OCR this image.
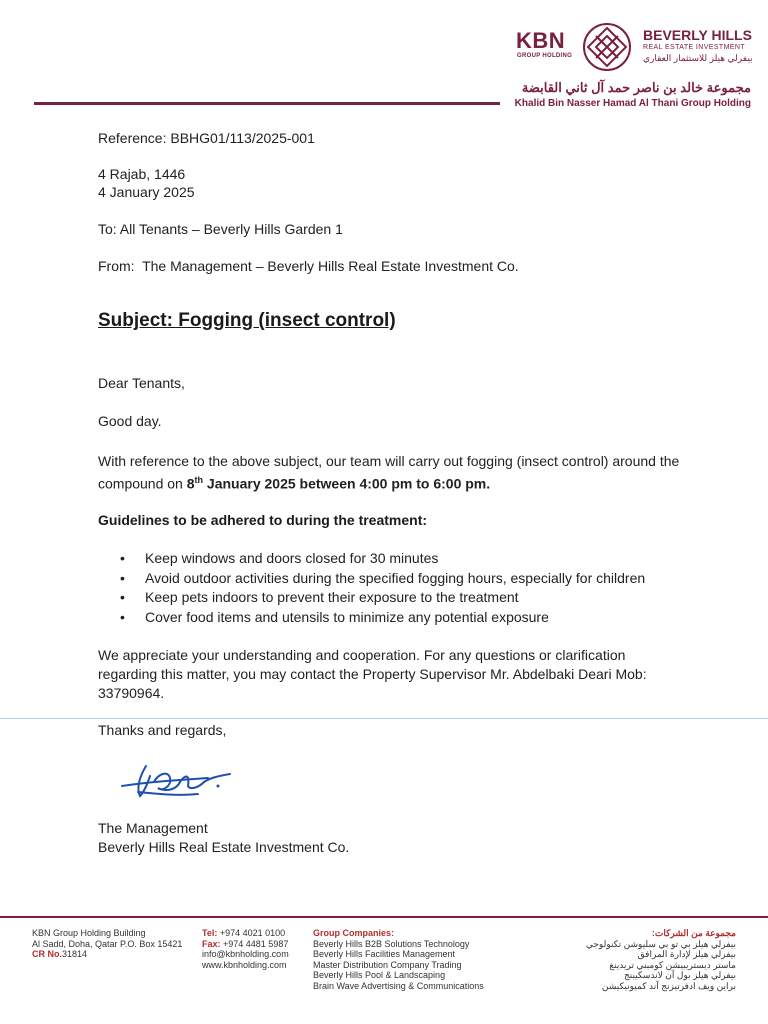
KBN
GROUP HOLDING
BEVERLY HILLS
REAL ESTATE INVESTMENT
بيفرلي هيلز للاستثمار العقاري
مجموعة خالد بن ناصر حمد آل ثاني القابضة
Khalid Bin Nasser Hamad Al Thani Group Holding
Reference: BBHG01/113/2025-001
4 Rajab, 1446
4 January 2025
To: All Tenants – Beverly Hills Garden 1
From:  The Management – Beverly Hills Real Estate Investment Co.
Subject: Fogging (insect control)
Dear Tenants,
Good day.
With reference to the above subject, our team will carry out fogging (insect control) around the compound on 8th January 2025 between 4:00 pm to 6:00 pm.
Guidelines to be adhered to during the treatment:
• Keep windows and doors closed for 30 minutes
• Avoid outdoor activities during the specified fogging hours, especially for children
• Keep pets indoors to prevent their exposure to the treatment
• Cover food items and utensils to minimize any potential exposure
We appreciate your understanding and cooperation. For any questions or clarification regarding this matter, you may contact the Property Supervisor Mr. Abdelbaki Deari Mob: 33790964.
Thanks and regards,
The Management
Beverly Hills Real Estate Investment Co.
KBN Group Holding Building
Al Sadd, Doha, Qatar P.O. Box 15421
CR No.31814
Tel: +974 4021 0100
Fax: +974 4481 5987
info@kbnholding.com
www.kbnholding.com
Group Companies:
Beverly Hills B2B Solutions Technology
Beverly Hills Facilities Management
Master Distribution Company Trading
Beverly Hills Pool & Landscaping
Brain Wave Advertising & Communications
مجموعة من الشركات:
بيفرلي هيلز بي تو بي سليوشن تكنولوجي
بيفرلي هيلز لإدارة المرافق
ماستر ديستريبيشن كومبني تريدينغ
بيفرلي هيلز بول آن لاندسكيبنج
براين ويف ادفرتيزنج آند كميونيكيشن
